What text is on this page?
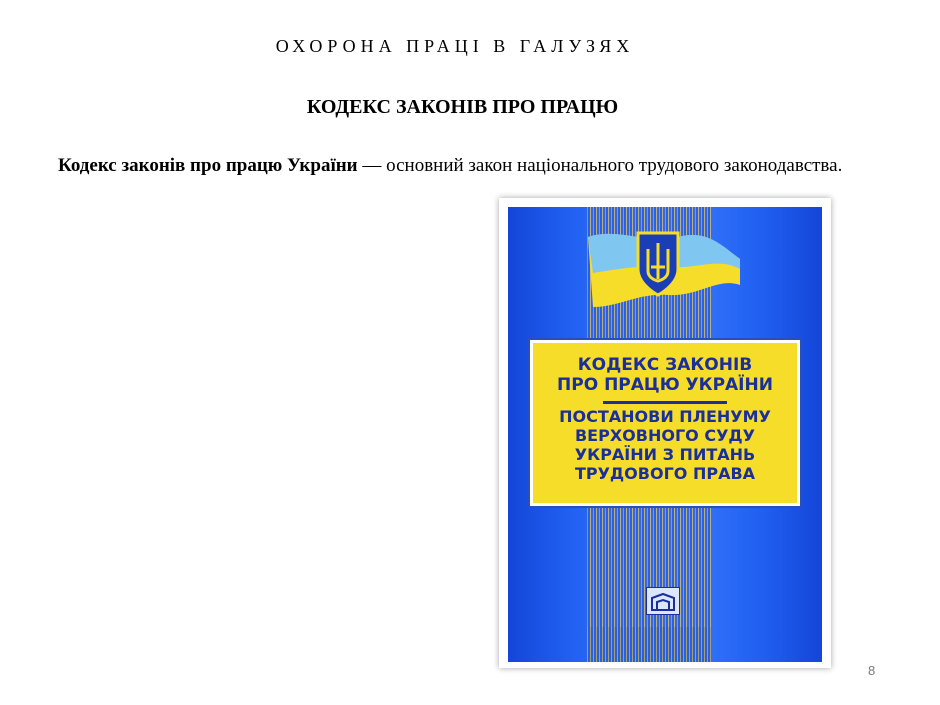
ОХОРОНА ПРАЦІ В ГАЛУЗЯХ
КОДЕКС ЗАКОНІВ ПРО ПРАЦЮ
Кодекс законів про працю України — основний закон національного трудового законодавства.
КОДЕКС ЗАКОНІВ
ПРО ПРАЦЮ УКРАЇНИ
ПОСТАНОВИ ПЛЕНУМУ
ВЕРХОВНОГО СУДУ
УКРАЇНИ З ПИТАНЬ
ТРУДОВОГО ПРАВА
8
